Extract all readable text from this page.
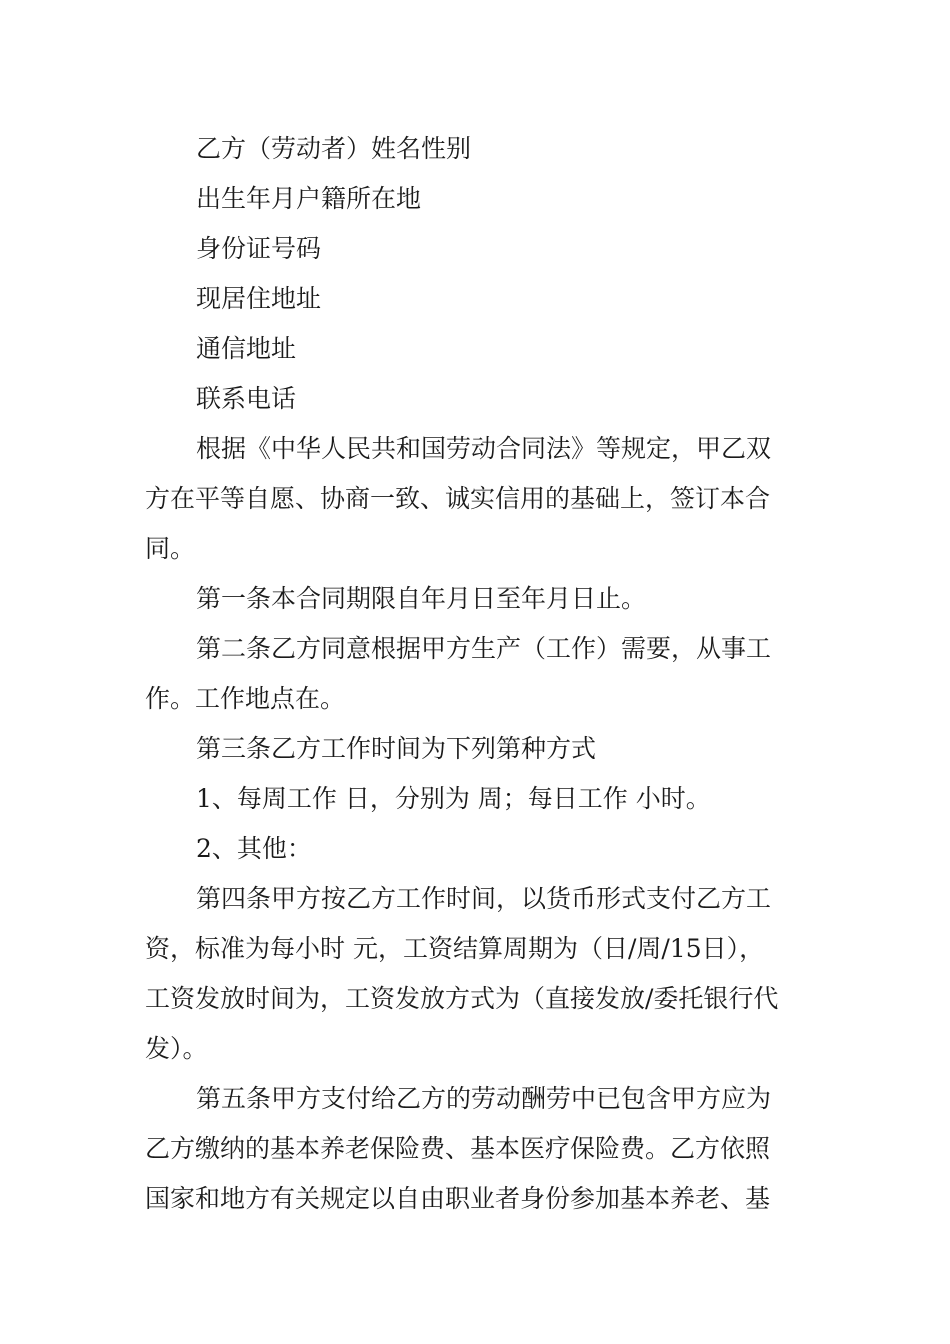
乙方（劳动者）姓名性别
出生年月户籍所在地
身份证号码
现居住地址
通信地址
联系电话
根据《中华人民共和国劳动合同法》等规定，甲乙双
方在平等自愿、协商一致、诚实信用的基础上，签订本合
同。
第一条本合同期限自年月日至年月日止。
第二条乙方同意根据甲方生产（工作）需要，从事工
作。工作地点在。
第三条乙方工作时间为下列第种方式
1、每周工作 日，分别为 周；每日工作 小时。
2、其他：
第四条甲方按乙方工作时间，以货币形式支付乙方工
资，标准为每小时 元，工资结算周期为（日/周/15日），
工资发放时间为，工资发放方式为（直接发放/委托银行代
发）。
第五条甲方支付给乙方的劳动酬劳中已包含甲方应为
乙方缴纳的基本养老保险费、基本医疗保险费。乙方依照
国家和地方有关规定以自由职业者身份参加基本养老、基
